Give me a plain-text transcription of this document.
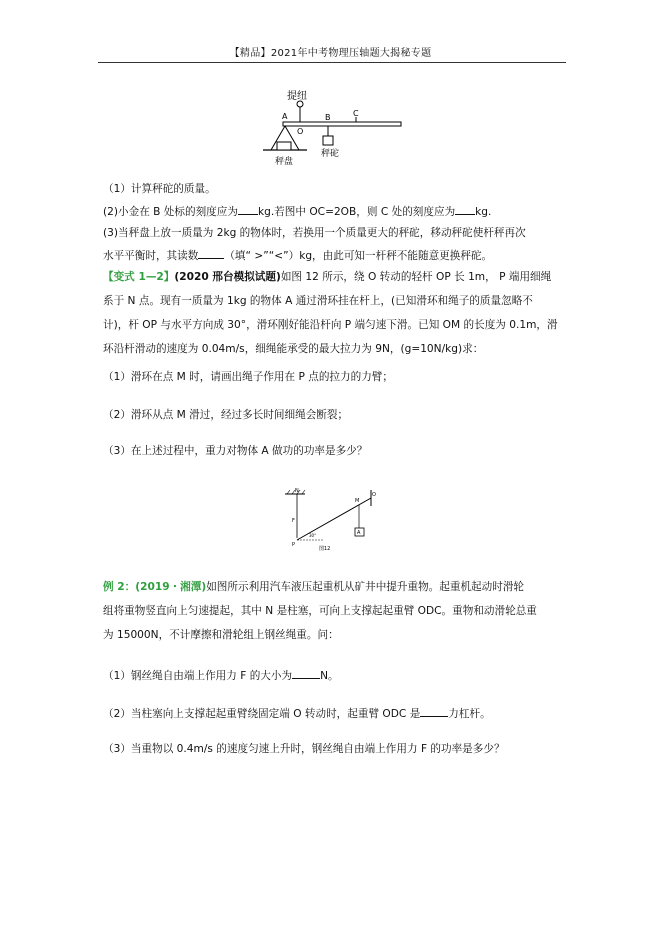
【精品】2021年中考物理压轴题大揭秘专题
提纽
A
O
B	C
秤砣
秤盘
（1）计算秤砣的质量。
(2)小金在 B 处标的刻度应为 kg.若图中 OC=2OB，则 C 处的刻度应为 kg.
(3)当秤盘上放一质量为 2kg 的物体时，若换用一个质量更大的秤砣，移动秤砣使杆秤再次
水平平衡时，其读数 （填“ >”“<”）kg，由此可知一杆秤不能随意更换秤砣。
【变式 1—2】(2020 邢台模拟试题)如图 12 所示，绕 O 转动的轻杆 OP 长 1m， P 端用细绳
系于 N 点。现有一质量为 1kg 的物体 A 通过滑环挂在杆上，(已知滑环和绳子的质量忽略不
计)，杆 OP 与水平方向成 30°，滑环刚好能沿杆向 P 端匀速下滑。已知 OM 的长度为 0.1m，滑
环沿杆滑动的速度为 0.04m/s，细绳能承受的最大拉力为 9N，(g=10N/kg)求：
（1）滑环在点 M 时，请画出绳子作用在 P 点的拉力的力臂；
（2）滑环从点 M 滑过，经过多长时间细绳会断裂；
（3）在上述过程中，重力对物体 A 做功的功率是多少？
N
F
O
P
M
A
30°
图12
例 2：(2019・湘潭)如图所示利用汽车液压起重机从矿井中提升重物。起重机起动时滑轮
组将重物竖直向上匀速提起，其中 N 是柱塞，可向上支撑起起重臂 ODC。重物和动滑轮总重
为 15000N，不计摩擦和滑轮组上钢丝绳重。问：
（1）钢丝绳自由端上作用力 F 的大小为	N。
（2）当柱塞向上支撑起起重臂绕固定端 O 转动时，起重臂 ODC 是	力杠杆。
（3）当重物以 0.4m/s 的速度匀速上升时，钢丝绳自由端上作用力 F 的功率是多少？
